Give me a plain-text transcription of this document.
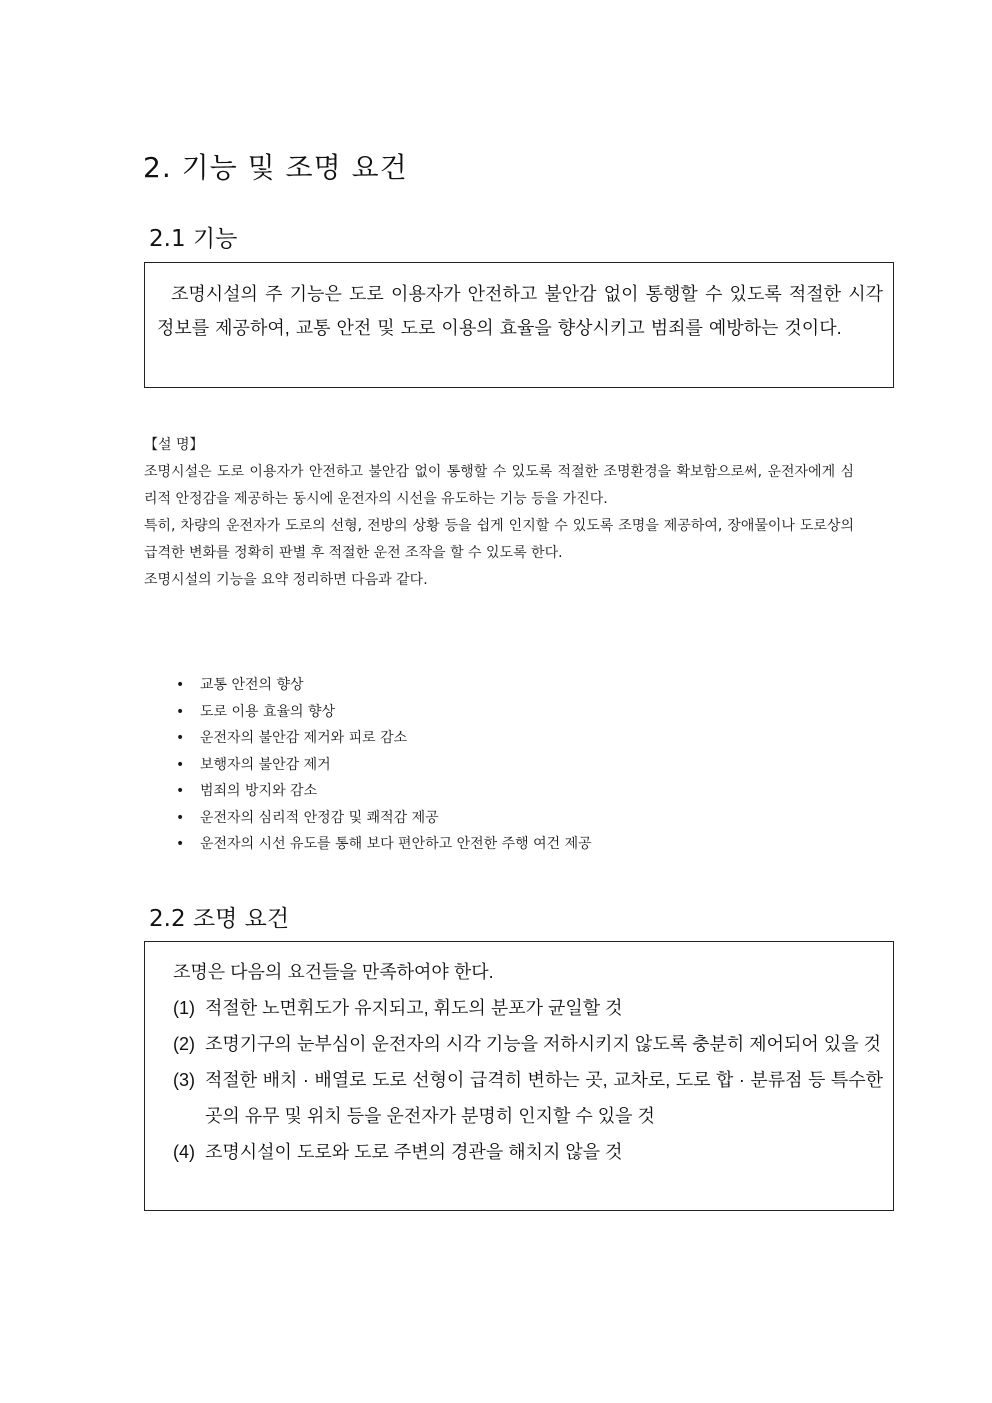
2. 기능 및 조명 요건
2.1 기능

조명시설의 주 기능은 도로 이용자가 안전하고 불안감 없이 통행할 수 있도록 적절한 시각 정보를 제공하여, 교통 안전 및 도로 이용의 효율을 향상시키고 범죄를 예방하는 것이다.

【설 명】

조명시설은 도로 이용자가 안전하고 불안감 없이 통행할 수 있도록 적절한 조명환경을 확보함으로써, 운전자에게 심리적 안정감을 제공하는 동시에 운전자의 시선을 유도하는 기능 등을 가진다.

특히, 차량의 운전자가 도로의 선형, 전방의 상황 등을 쉽게 인지할 수 있도록 조명을 제공하여, 장애물이나 도로상의 급격한 변화를 정확히 판별 후 적절한 운전 조작을 할 수 있도록 한다.

조명시설의 기능을 요약 정리하면 다음과 같다.

•	교통 안전의 향상
•	도로 이용 효율의 향상
•	운전자의 불안감 제거와 피로 감소
•	보행자의 불안감 제거
•	범죄의 방지와 감소
•	운전자의 심리적 안정감 및 쾌적감 제공
•	운전자의 시선 유도를 통해 보다 편안하고 안전한 주행 여건 제공
2.2 조명 요건

조명은 다음의 요건들을 만족하여야 한다.

(1) 적절한 노면휘도가 유지되고, 휘도의 분포가 균일할 것
(2) 조명기구의 눈부심이 운전자의 시각 기능을 저하시키지 않도록 충분히 제어되어 있을 것
(3) 적절한 배치 · 배열로 도로 선형이 급격히 변하는 곳, 교차로, 도로 합 · 분류점 등 특수한 곳의 유무 및 위치 등을 운전자가 분명히 인지할 수 있을 것
(4) 조명시설이 도로와 도로 주변의 경관을 해치지 않을 것
